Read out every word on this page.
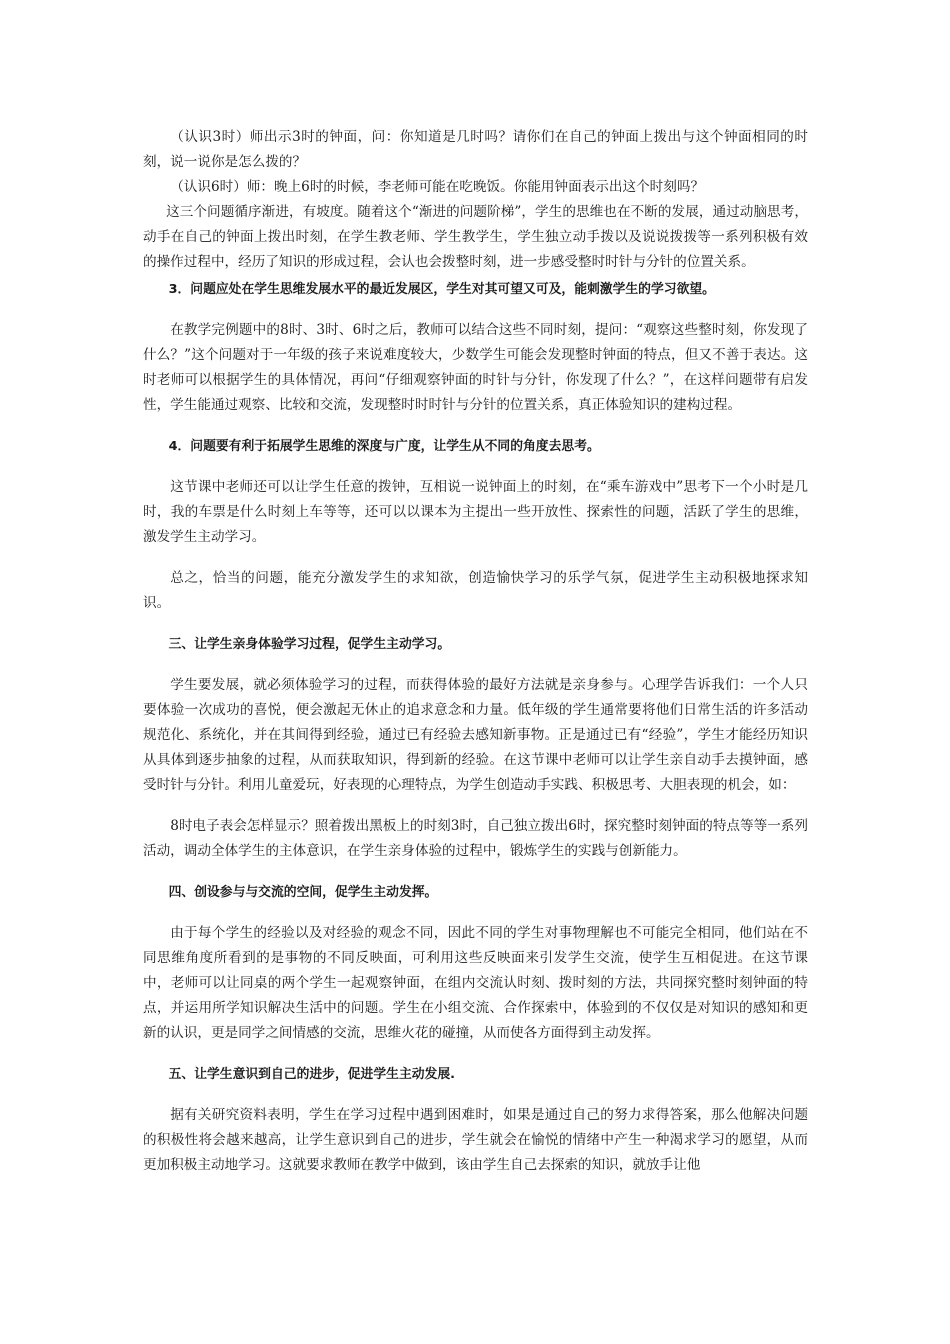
（认识3时）师出示3时的钟面，问：你知道是几时吗？请你们在自己的钟面上拨出与这个钟面相同的时刻，说一说你是怎么拨的？

（认识6时）师：晚上6时的时候，李老师可能在吃晚饭。你能用钟面表示出这个时刻吗？

这三个问题循序渐进，有坡度。随着这个“渐进的问题阶梯”，学生的思维也在不断的发展，通过动脑思考，动手在自己的钟面上拨出时刻，在学生教老师、学生教学生，学生独立动手拨以及说说拨拨等一系列积极有效的操作过程中，经历了知识的形成过程，会认也会拨整时刻，进一步感受整时时针与分针的位置关系。

3．问题应处在学生思维发展水平的最近发展区，学生对其可望又可及，能刺激学生的学习欲望。

在教学完例题中的8时、3时、6时之后，教师可以结合这些不同时刻，提问：“观察这些整时刻，你发现了什么？”这个问题对于一年级的孩子来说难度较大，少数学生可能会发现整时钟面的特点，但又不善于表达。这时老师可以根据学生的具体情况，再问“仔细观察钟面的时针与分针，你发现了什么？”，在这样问题带有启发性，学生能通过观察、比较和交流，发现整时时时针与分针的位置关系，真正体验知识的建构过程。

4．问题要有利于拓展学生思维的深度与广度，让学生从不同的角度去思考。

这节课中老师还可以让学生任意的拨钟，互相说一说钟面上的时刻，在“乘车游戏中”思考下一个小时是几时，我的车票是什么时刻上车等等，还可以以课本为主提出一些开放性、探索性的问题，活跃了学生的思维，激发学生主动学习。

总之，恰当的问题，能充分激发学生的求知欲，创造愉快学习的乐学气氛，促进学生主动积极地探求知识。

三、让学生亲身体验学习过程，促学生主动学习。

学生要发展，就必须体验学习的过程，而获得体验的最好方法就是亲身参与。心理学告诉我们：一个人只要体验一次成功的喜悦，便会激起无休止的追求意念和力量。低年级的学生通常要将他们日常生活的许多活动规范化、系统化，并在其间得到经验，通过已有经验去感知新事物。正是通过已有“经验”，学生才能经历知识从具体到逐步抽象的过程，从而获取知识，得到新的经验。在这节课中老师可以让学生亲自动手去摸钟面，感受时针与分针。利用儿童爱玩，好表现的心理特点，为学生创造动手实践、积极思考、大胆表现的机会，如：

8时电子表会怎样显示？照着拨出黑板上的时刻3时，自己独立拨出6时，探究整时刻钟面的特点等等一系列活动，调动全体学生的主体意识，在学生亲身体验的过程中，锻炼学生的实践与创新能力。

四、创设参与与交流的空间，促学生主动发挥。

由于每个学生的经验以及对经验的观念不同，因此不同的学生对事物理解也不可能完全相同，他们站在不同思维角度所看到的是事物的不同反映面，可利用这些反映面来引发学生交流，使学生互相促进。在这节课中，老师可以让同桌的两个学生一起观察钟面，在组内交流认时刻、拨时刻的方法，共同探究整时刻钟面的特点，并运用所学知识解决生活中的问题。学生在小组交流、合作探索中，体验到的不仅仅是对知识的感知和更新的认识，更是同学之间情感的交流，思维火花的碰撞，从而使各方面得到主动发挥。

五、让学生意识到自己的进步，促进学生主动发展.

据有关研究资料表明，学生在学习过程中遇到困难时，如果是通过自己的努力求得答案，那么他解决问题的积极性将会越来越高，让学生意识到自己的进步，学生就会在愉悦的情绪中产生一种渴求学习的愿望，从而更加积极主动地学习。这就要求教师在教学中做到，该由学生自己去探索的知识，就放手让他
